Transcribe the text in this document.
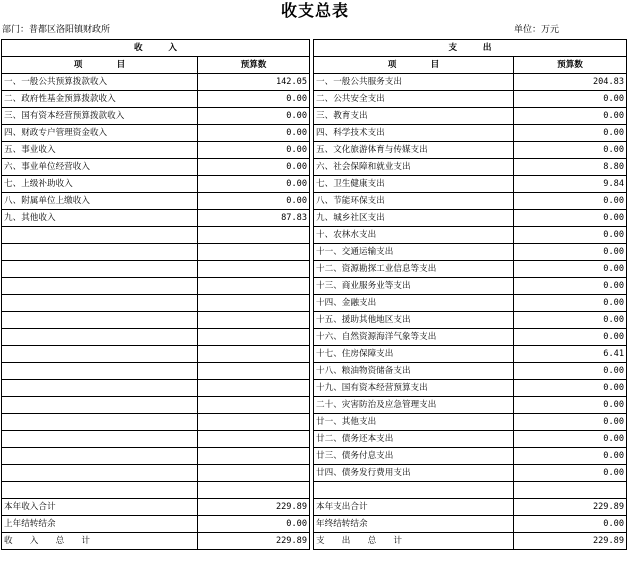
收支总表
部门：普都区洛阳镇财政所	单位：万元
收　　　入			支　　　出	
项　　　　目	预算数		项　　　　目	预算数
一、一般公共预算拨款收入	142.05		一、一般公共服务支出	204.83
二、政府性基金预算拨款收入	0.00		二、公共安全支出	0.00
三、国有资本经营预算拨款收入	0.00		三、教育支出	0.00
四、财政专户管理资金收入	0.00		四、科学技术支出	0.00
五、事业收入	0.00		五、文化旅游体育与传媒支出	0.00
六、事业单位经营收入	0.00		六、社会保障和就业支出	8.80
七、上级补助收入	0.00		七、卫生健康支出	9.84
八、附属单位上缴收入	0.00		八、节能环保支出	0.00
九、其他收入	87.83		九、城乡社区支出	0.00
			十、农林水支出	0.00
			十一、交通运输支出	0.00
			十二、资源勘探工业信息等支出	0.00
			十三、商业服务业等支出	0.00
			十四、金融支出	0.00
			十五、援助其他地区支出	0.00
			十六、自然资源海洋气象等支出	0.00
			十七、住房保障支出	6.41
			十八、粮油物资储备支出	0.00
			十九、国有资本经营预算支出	0.00
			二十、灾害防治及应急管理支出	0.00
			廿一、其他支出	0.00
			廿二、债务还本支出	0.00
			廿三、债务付息支出	0.00
			廿四、债务发行费用支出	0.00

本年收入合计	229.89		本年支出合计	229.89
上年结转结余	0.00		年终结转结余	0.00
收　　入　　总　　计	229.89		支　　出　　总　　计	229.89
